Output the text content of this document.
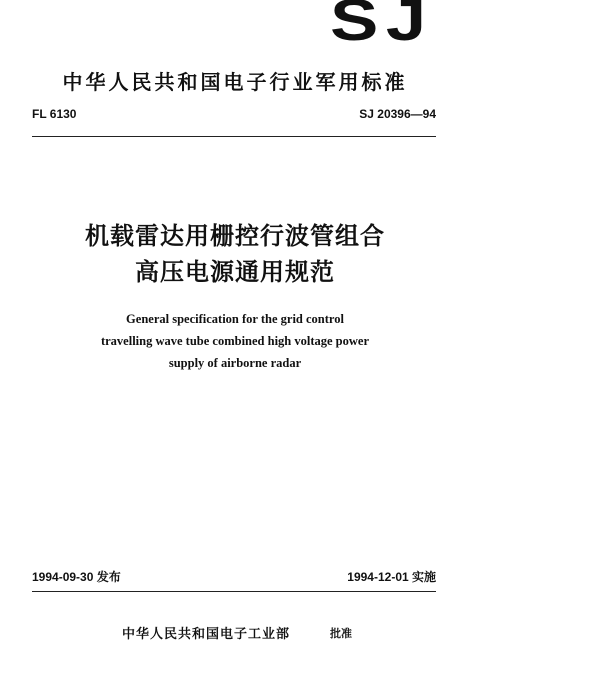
SJ
中华人民共和国电子行业军用标准
FL 6130	SJ 20396—94
机载雷达用栅控行波管组合
高压电源通用规范
General specification for the grid control
travelling wave tube combined high voltage power
supply of airborne radar
1994-09-30 发布	1994-12-01 实施
中华人民共和国电子工业部	批准
